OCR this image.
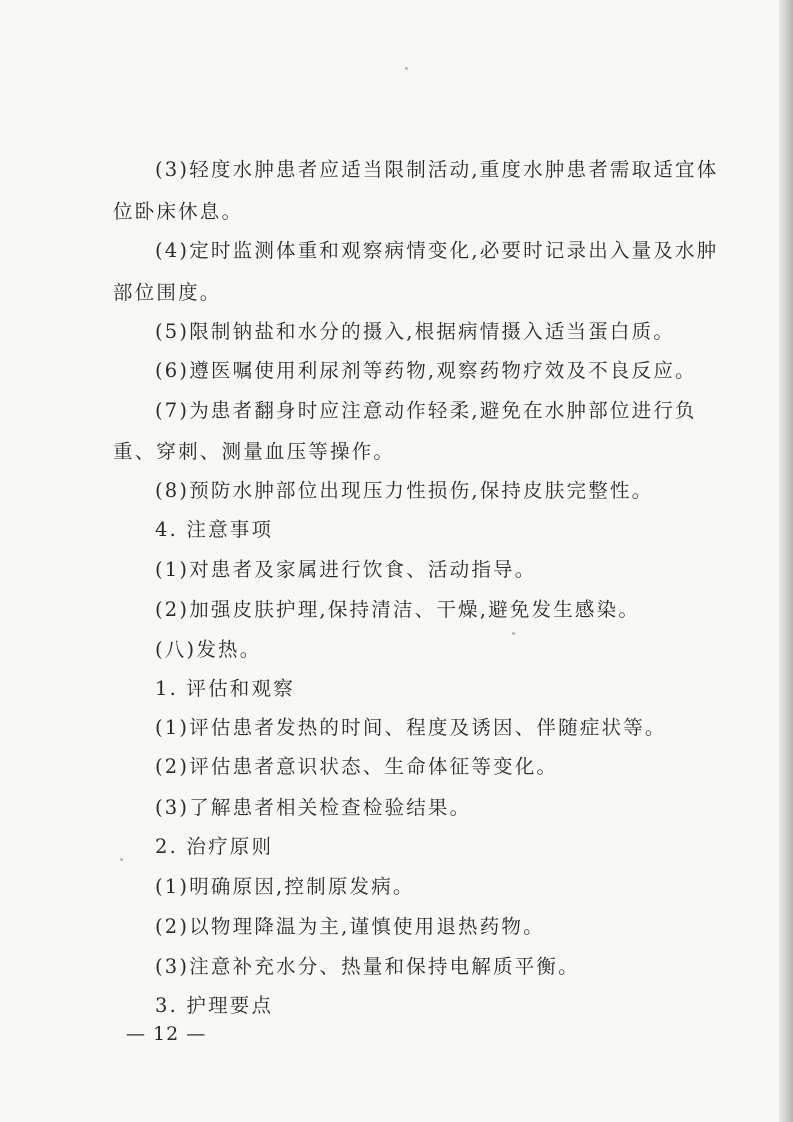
(3)轻度水肿患者应适当限制活动,重度水肿患者需取适宜体
位卧床休息。
(4)定时监测体重和观察病情变化,必要时记录出入量及水肿
部位围度。
(5)限制钠盐和水分的摄入,根据病情摄入适当蛋白质。
(6)遵医嘱使用利尿剂等药物,观察药物疗效及不良反应。
(7)为患者翻身时应注意动作轻柔,避免在水肿部位进行负
重、穿刺、测量血压等操作。
(8)预防水肿部位出现压力性损伤,保持皮肤完整性。
4. 注意事项
(1)对患者及家属进行饮食、活动指导。
(2)加强皮肤护理,保持清洁、干燥,避免发生感染。
(八)发热。
1. 评估和观察
(1)评估患者发热的时间、程度及诱因、伴随症状等。
(2)评估患者意识状态、生命体征等变化。
(3)了解患者相关检查检验结果。
2. 治疗原则
(1)明确原因,控制原发病。
(2)以物理降温为主,谨慎使用退热药物。
(3)注意补充水分、热量和保持电解质平衡。
3. 护理要点
— 12 —
